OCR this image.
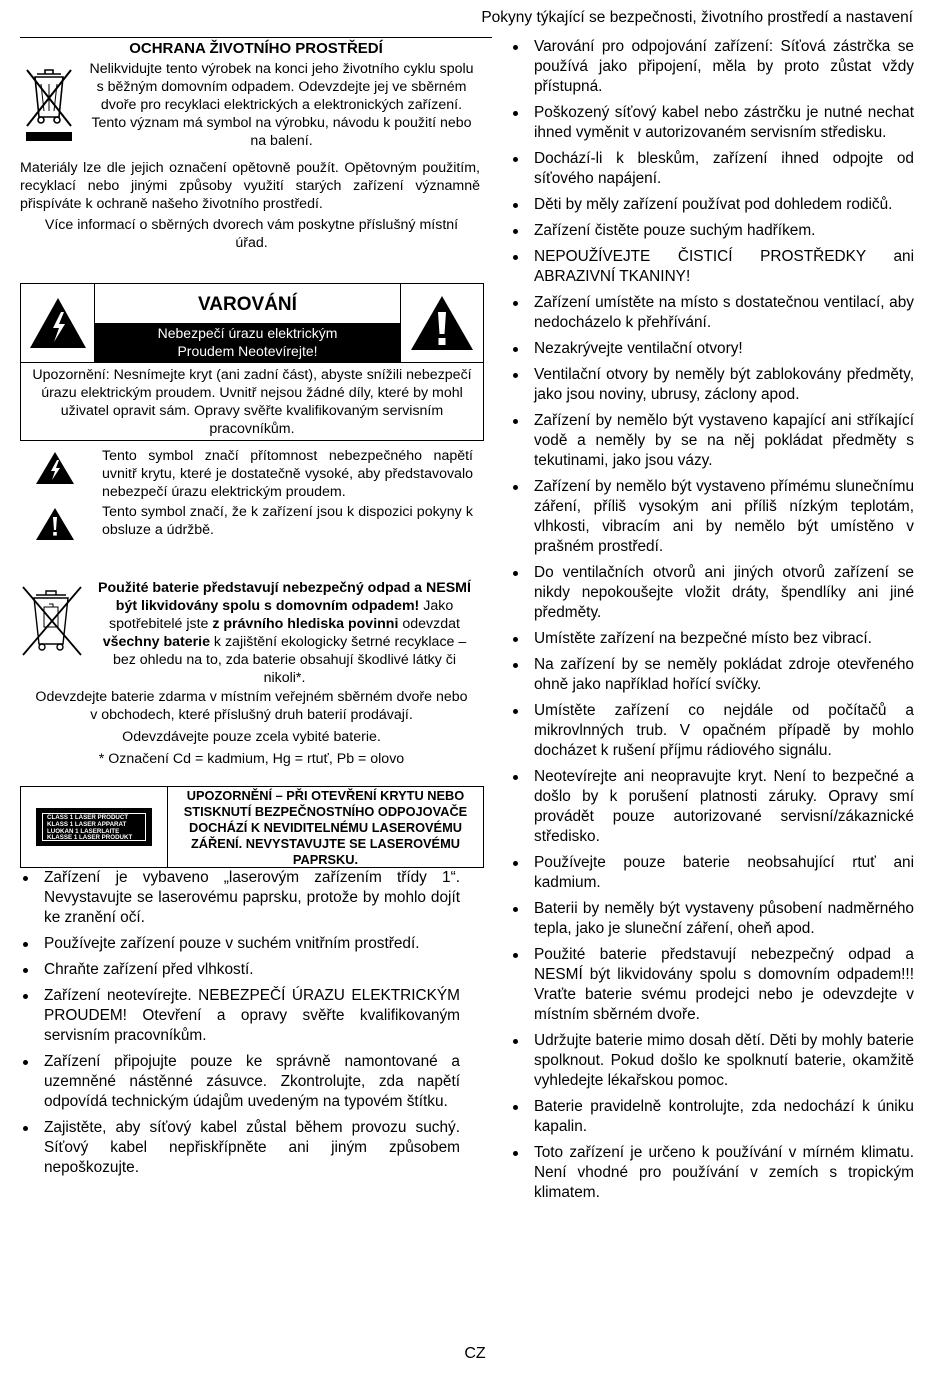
Pokyny týkající se bezpečnosti, životního prostředí a nastavení
OCHRANA ŽIVOTNÍHO PROSTŘEDÍ
Nelikvidujte tento výrobek na konci jeho životního cyklu spolu s běžným domovním odpadem. Odevzdejte jej ve sběrném dvoře pro recyklaci elektrických a elektronických zařízení. Tento význam má symbol na výrobku, návodu k použití nebo na balení.
Materiály lze dle jejich označení opětovně použít. Opětovným použitím, recyklací nebo jinými způsoby využití starých zařízení významně přispíváte k ochraně našeho životního prostředí.
Více informací o sběrných dvorech vám poskytne příslušný místní úřad.
VAROVÁNÍ
Nebezpečí úrazu elektrickým
Proudem Neotevírejte!
Upozornění: Nesnímejte kryt (ani zadní část), abyste snížili nebezpečí úrazu elektrickým proudem. Uvnitř nejsou žádné díly, které by mohl uživatel opravit sám. Opravy svěřte kvalifikovaným servisním pracovníkům.
Tento symbol značí přítomnost nebezpečného napětí uvnitř krytu, které je dostatečně vysoké, aby představovalo nebezpečí úrazu elektrickým proudem.
Tento symbol značí, že k zařízení jsou k dispozici pokyny k obsluze a údržbě.
Použité baterie představují nebezpečný odpad a NESMÍ být likvidovány spolu s domovním odpadem! Jako spotřebitelé jste z právního hlediska povinni odevzdat všechny baterie k zajištění ekologicky šetrné recyklace – bez ohledu na to, zda baterie obsahují škodlivé látky či nikoli*.

Odevzdejte baterie zdarma v místním veřejném sběrném dvoře nebo v obchodech, které příslušný druh baterií prodávají.

Odevzdávejte pouze zcela vybité baterie.

* Označení Cd = kadmium, Hg = rtuť, Pb = olovo

CLASS 1 LASER PRODUCT
KLASS 1 LASER APPARAT
LUOKAN 1 LASERLAITE
KLASSE 1 LASER PRODUKT
UPOZORNĚNÍ – PŘI OTEVŘENÍ KRYTU NEBO STISKNUTÍ BEZPEČNOSTNÍHO ODPOJOVAČE DOCHÁZÍ K NEVIDITELNÉMU LASEROVÉMU ZÁŘENÍ. NEVYSTAVUJTE SE LASEROVÉMU PAPRSKU.
Zařízení je vybaveno „laserovým zařízením třídy 1“. Nevystavujte se laserovému paprsku, protože by mohlo dojít ke zranění očí.
Používejte zařízení pouze v suchém vnitřním prostředí.
Chraňte zařízení před vlhkostí.
Zařízení neotevírejte. NEBEZPEČÍ ÚRAZU ELEKTRICKÝM PROUDEM! Otevření a opravy svěřte kvalifikovaným servisním pracovníkům.
Zařízení připojujte pouze ke správně namontované a uzemněné nástěnné zásuvce. Zkontrolujte, zda napětí odpovídá technickým údajům uvedeným na typovém štítku.
Zajistěte, aby síťový kabel zůstal během provozu suchý. Síťový kabel nepřiskřípněte ani jiným způsobem nepoškozujte.
Varování pro odpojování zařízení: Síťová zástrčka se používá jako připojení, měla by proto zůstat vždy přístupná.
Poškozený síťový kabel nebo zástrčku je nutné nechat ihned vyměnit v autorizovaném servisním středisku.
Dochází-li k bleskům, zařízení ihned odpojte od síťového napájení.
Děti by měly zařízení používat pod dohledem rodičů.
Zařízení čistěte pouze suchým hadříkem.
NEPOUŽÍVEJTE ČISTICÍ PROSTŘEDKY ani ABRAZIVNÍ TKANINY!
Zařízení umístěte na místo s dostatečnou ventilací, aby nedocházelo k přehřívání.
Nezakrývejte ventilační otvory!
Ventilační otvory by neměly být zablokovány předměty, jako jsou noviny, ubrusy, záclony apod.
Zařízení by nemělo být vystaveno kapající ani stříkající vodě a neměly by se na něj pokládat předměty s tekutinami, jako jsou vázy.
Zařízení by nemělo být vystaveno přímému slunečnímu záření, příliš vysokým ani příliš nízkým teplotám, vlhkosti, vibracím ani by nemělo být umístěno v prašném prostředí.
Do ventilačních otvorů ani jiných otvorů zařízení se nikdy nepokoušejte vložit dráty, špendlíky ani jiné předměty.
Umístěte zařízení na bezpečné místo bez vibrací.
Na zařízení by se neměly pokládat zdroje otevřeného ohně jako například hořící svíčky.
Umístěte zařízení co nejdále od počítačů a mikrovlnných trub. V opačném případě by mohlo docházet k rušení příjmu rádiového signálu.
Neotevírejte ani neopravujte kryt. Není to bezpečné a došlo by k porušení platnosti záruky. Opravy smí provádět pouze autorizované servisní/zákaznické středisko.
Používejte pouze baterie neobsahující rtuť ani kadmium.
Baterii by neměly být vystaveny působení nadměrného tepla, jako je sluneční záření, oheň apod.
Použité baterie představují nebezpečný odpad a NESMÍ být likvidovány spolu s domovním odpadem!!! Vraťte baterie svému prodejci nebo je odevzdejte v místním sběrném dvoře.
Udržujte baterie mimo dosah dětí. Děti by mohly baterie spolknout. Pokud došlo ke spolknutí baterie, okamžitě vyhledejte lékařskou pomoc.
Baterie pravidelně kontrolujte, zda nedochází k úniku kapalin.
Toto zařízení je určeno k používání v mírném klimatu. Není vhodné pro používání v zemích s tropickým klimatem.
CZ
